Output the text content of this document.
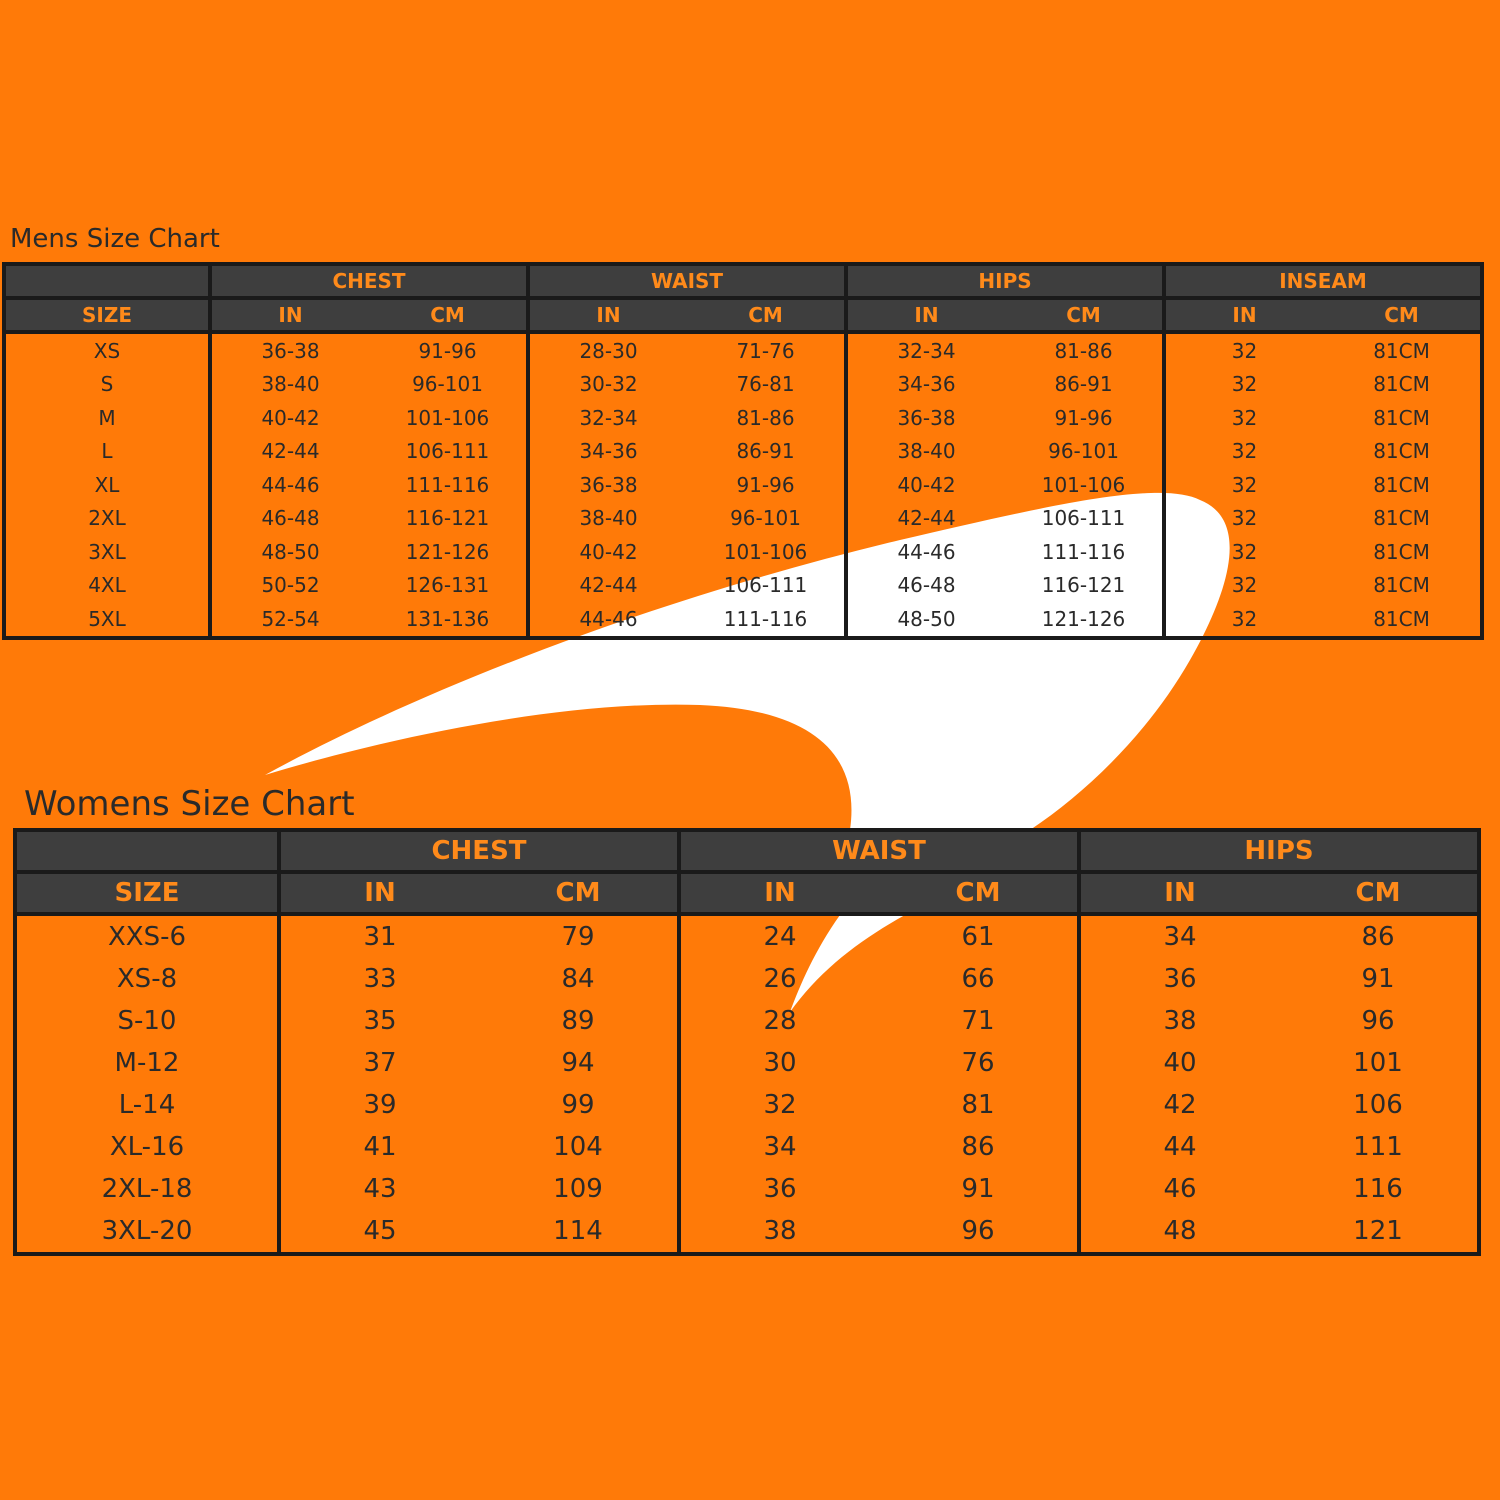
Mens Size Chart
	CHEST		WAIST		HIPS		INSEAM	
SIZE	IN	CM	IN	CM	IN	CM	IN	CM
XS	36-38	91-96	28-30	71-76	32-34	81-86	32	81CM
S	38-40	96-101	30-32	76-81	34-36	86-91	32	81CM
M	40-42	101-106	32-34	81-86	36-38	91-96	32	81CM
L	42-44	106-111	34-36	86-91	38-40	96-101	32	81CM
XL	44-46	111-116	36-38	91-96	40-42	101-106	32	81CM
2XL	46-48	116-121	38-40	96-101	42-44	106-111	32	81CM
3XL	48-50	121-126	40-42	101-106	44-46	111-116	32	81CM
4XL	50-52	126-131	42-44	106-111	46-48	116-121	32	81CM
5XL	52-54	131-136	44-46	111-116	48-50	121-126	32	81CM
Womens Size Chart
	CHEST		WAIST		HIPS	
SIZE	IN	CM	IN	CM	IN	CM
XXS-6	31	79	24	61	34	86
XS-8	33	84	26	66	36	91
S-10	35	89	28	71	38	96
M-12	37	94	30	76	40	101
L-14	39	99	32	81	42	106
XL-16	41	104	34	86	44	111
2XL-18	43	109	36	91	46	116
3XL-20	45	114	38	96	48	121
